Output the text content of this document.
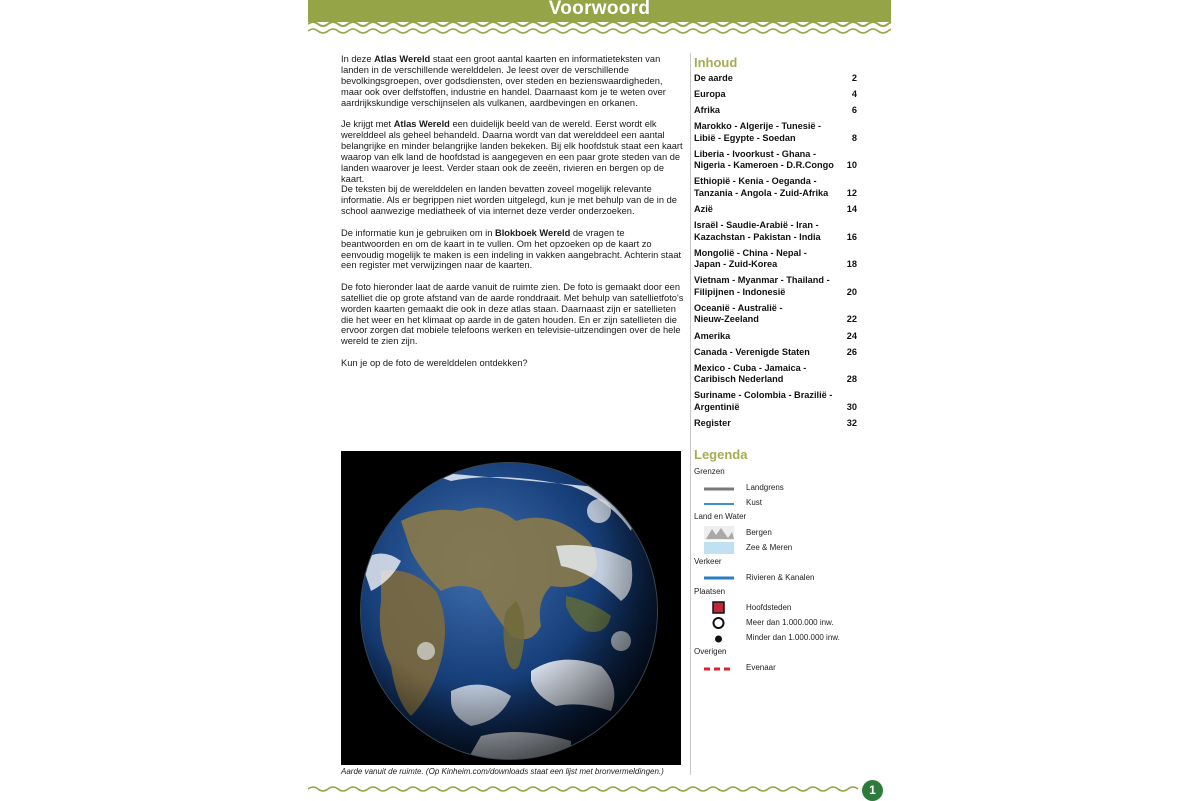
Voorwoord

In deze Atlas Wereld staat een groot aantal kaarten en informatieteksten van landen in de verschillende werelddelen. Je leest over de verschillende bevolkingsgroepen, over godsdiensten, over steden en bezienswaardigheden, maar ook over delfstoffen, industrie en handel. Daarnaast kom je te weten over aardrijkskundige verschijnselen als vulkanen, aardbevingen en orkanen.

Je krijgt met Atlas Wereld een duidelijk beeld van de wereld. Eerst wordt elk werelddeel als geheel behandeld. Daarna wordt van dat werelddeel een aantal belangrijke en minder belangrijke landen bekeken. Bij elk hoofdstuk staat een kaart waarop van elk land de hoofdstad is aangegeven en een paar grote steden van de landen waarover je leest. Verder staan ook de zeeën, rivieren en bergen op de kaart.
De teksten bij de werelddelen en landen bevatten zoveel mogelijk relevante informatie. Als er begrippen niet worden uitgelegd, kun je met behulp van de in de school aanwezige mediatheek of via internet deze verder onderzoeken.

De informatie kun je gebruiken om in Blokboek Wereld de vragen te beantwoorden en om de kaart in te vullen. Om het opzoeken op de kaart zo eenvoudig mogelijk te maken is een indeling in vakken aangebracht. Achterin staat een register met verwijzingen naar de kaarten.

De foto hieronder laat de aarde vanuit de ruimte zien. De foto is gemaakt door een satelliet die op grote afstand van de aarde ronddraait. Met behulp van satellietfoto's worden kaarten gemaakt die ook in deze atlas staan. Daarnaast zijn er satellieten die het weer en het klimaat op aarde in de gaten houden. En er zijn satellieten die ervoor zorgen dat mobiele telefoons werken en televisie-uitzendingen over de hele wereld te zien zijn.

Kun je op de foto de werelddelen ontdekken?

Aarde vanuit de ruimte. (Op Kinheim.com/downloads staat een lijst met bronvermeldingen.)
Inhoud
De aarde	2
Europa	4
Afrika	6
Marokko - Algerije - Tunesië -
Libië - Egypte - Soedan	8
Liberia - Ivoorkust - Ghana -
Nigeria - Kameroen - D.R.Congo	10
Ethiopië - Kenia - Oeganda -
Tanzania - Angola - Zuid-Afrika	12
Azië	14
Israël - Saudie-Arabië - Iran -
Kazachstan - Pakistan - India	16
Mongolië - China - Nepal -
Japan - Zuid-Korea	18
Vietnam - Myanmar - Thailand -
Filipijnen - Indonesië	20
Oceanië - Australië -
Nieuw-Zeeland	22
Amerika	24
Canada - Verenigde Staten	26
Mexico - Cuba - Jamaica -
Caribisch Nederland	28
Suriname - Colombia - Brazilië -
Argentinië	30
Register	32
Legenda
Grenzen
Landgrens
Kust
Land en Water
Bergen
Zee & Meren
Verkeer
Rivieren & Kanalen
Plaatsen
Hoofdsteden
Meer dan 1.000.000 inw.
Minder dan 1.000.000 inw.
Overigen
Evenaar
1
